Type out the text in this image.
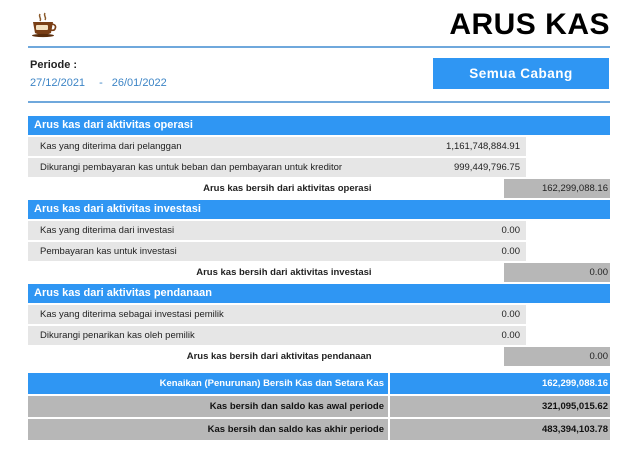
ARUS KAS
Periode :
27/12/2021 - 26/01/2022
Semua Cabang
Arus kas dari aktivitas operasi
Kas yang diterima dari pelanggan	1,161,748,884.91
Dikurangi pembayaran kas untuk beban dan pembayaran untuk kreditor	999,449,796.75
Arus kas bersih dari aktivitas operasi	162,299,088.16
Arus kas dari aktivitas investasi
Kas yang diterima dari investasi	0.00
Pembayaran kas untuk investasi	0.00
Arus kas bersih dari aktivitas investasi	0.00
Arus kas dari aktivitas pendanaan
Kas yang diterima sebagai investasi pemilik	0.00
Dikurangi penarikan kas oleh pemilik	0.00
Arus kas bersih dari aktivitas pendanaan	0.00
Kenaikan (Penurunan) Bersih Kas dan Setara Kas	162,299,088.16
Kas bersih dan saldo kas awal periode	321,095,015.62
Kas bersih dan saldo kas akhir periode	483,394,103.78
